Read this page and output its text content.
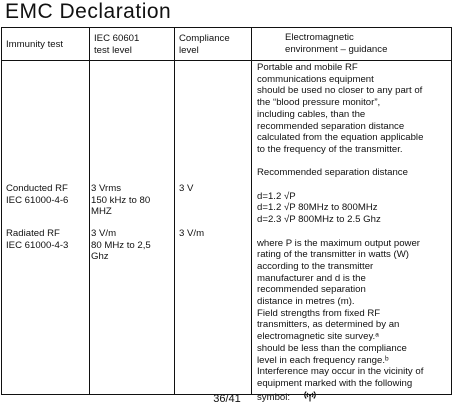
EMC Declaration

Immunity test

IEC 60601

test level

Compliance

level

Electromagnetic

environment – guidance

Conducted RF

IEC 61000-4-6

3 Vrms

150 kHz to 80

MHZ

3 V

Radiated RF

IEC 61000-4-3

3 V/m

80 MHz to 2,5

Ghz

3 V/m

Portable and mobile RF

communications equipment

should be used no closer to any part of

the “blood pressure monitor”,

including cables, than the

recommended separation distance

calculated from the equation applicable

to the frequency of the transmitter.

Recommended separation distance

d=1.2 √P

d=1.2 √P 80MHz to 800MHz

d=2.3 √P 800MHz to 2.5 Ghz

where P is the maximum output power

rating of the transmitter in watts (W)

according to the transmitter

manufacturer and d is the

recommended separation

distance in metres (m).

Field strengths from fixed RF

transmitters, as determined by an

electromagnetic site survey.ᵃ

should be less than the compliance

level in each frequency range.ᵇ

Interference may occur in the vicinity of

equipment marked with the following

symbol:

36/41
